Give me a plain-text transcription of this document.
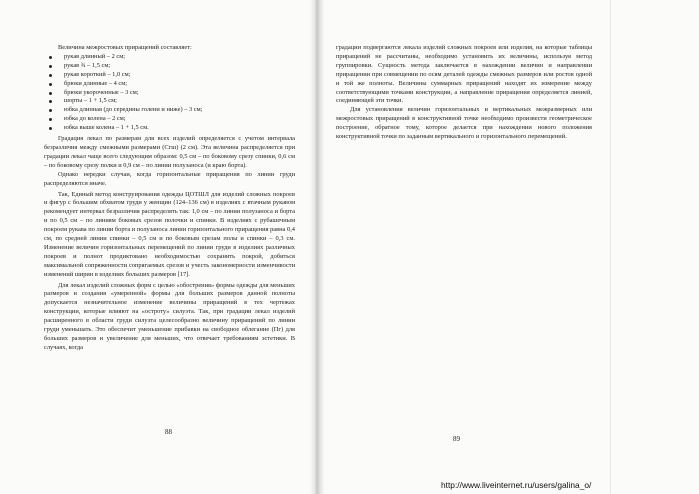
Величина межростовых приращений составляет:

рукав длинный – 2 см;
рукав ¾ – 1,5 см;
рукав короткий – 1,0 см;
брюки длинные – 4 см;
брюки укороченные – 3 см;
шорты – 1 + 1,5 см;
юбка длинная (до середины голени и ниже) – 3 см;
юбка до колена – 2 см;
юбка выше колена – 1 + 1,5 см.

Градация лекал по размерам для всех изделий определяется с учетом интервала безразличия между смежными размерами (Сгш) (2 см). Эта величина распределяется при градации лекал чаще всего следующим образом: 0,5 см – по боковому срезу спинки, 0,6 см – по боковому срезу полки и 0,9 см – по линии полузаноса (и краю борта).

Однако нередки случаи, когда горизонтальные приращения по линии груди распределяются иначе.

Так, Единый метод конструирования одежды ЦОТШЛ для изделий сложных покроев и фигур с большим обхватом груди у женщин (124–136 см) в изделиях с втачным рукавом рекомендует интервал безразличия распределять так: 1,0 см – по линии полузаноса и борта и по 0,5 см – по линиям боковых срезов полочки и спинки. В изделиях с рубашечным покроем рукава по линии борта и полузаноса линии горизонтального приращения равна 0,4 см, по средней линии спинки – 0,5 см и по боковым срезам полы и спинки – 0,3 см. Изменение величин горизонтальных перемещений по линии груди в изделиях различных покроев и полнот продиктовано необходимостью сохранить покрой, добиться максимальной сопряженности сопрягаемых срезов и учесть закономерности изменчивости изменений ширин в изделиях больших размеров [17].

Для лекал изделий сложных форм с целью «обострения» формы одежды для меньших размеров и создания «умеренной» формы для больших размеров данной полноты допускается незначительное изменение величины приращений в тех чертежах конструкции, которые влияют на «остроту» силуэта. Так, при градации лекал изделий расширенного в области груди силуэта целесообразно величину приращений по линии груди уменьшать. Это обеспечит уменьшение прибавки на свободное облегание (Пг) для больших размеров и увеличение для меньших, что отвечает требованиям эстетики. В случаях, когда

88

градации подвергаются лекала изделий сложных покроев или изделия, на которые таблицы приращений не рассчитаны, необходимо установить их величины, используя метод группировки. Сущность метода заключается в нахождении величин и направлении приращении при совмещении по осям деталей одежды смежных размеров или ростов одной и той же полноты. Величины суммарных приращений находят их измерение между соответствующими точками конструкции, а направление приращения определяется линией, соединяющей эти точки.

Для установления величин горизонтальных и вертикальных межразмерных или межростовых приращений в конструктивной точке необходимо произвести геометрическое построение, обратное тому, которое делается при нахождении нового положения конструктивной точки по заданным вертикального и горизонтального перемещений.

89
http://www.liveinternet.ru/users/galina_o/
